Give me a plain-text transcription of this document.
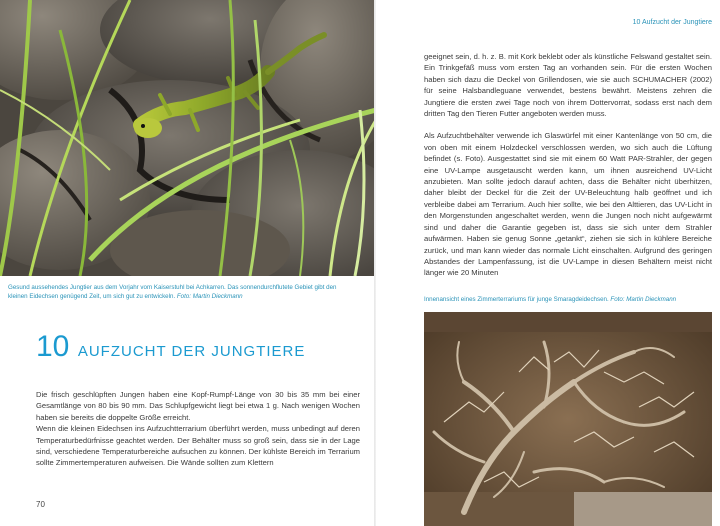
Gesund aussehendes Jungtier aus dem Vorjahr vom Kaiserstuhl bei Achkarren. Das sonnendurchflutete Gebiet gibt den kleinen Eidechsen genügend Zeit, um sich gut zu entwickeln. Foto: Martin Dieckmann
10 AUFZUCHT DER JUNGTIERE

Die frisch geschlüpften Jungen haben eine Kopf-Rumpf-Länge von 30 bis 35 mm bei einer Gesamtlänge von 80 bis 90 mm. Das Schlupfgewicht liegt bei etwa 1 g. Nach wenigen Wochen haben sie bereits die doppelte Größe erreicht.

Wenn die kleinen Eidechsen ins Aufzuchtterrarium überführt werden, muss unbedingt auf deren Temperaturbedürfnisse geachtet werden. Der Behälter muss so groß sein, dass sie in der Lage sind, verschiedene Temperaturbereiche aufsuchen zu können. Der kühlste Bereich im Terrarium sollte Zimmertemperaturen aufweisen. Die Wände sollten zum Klettern

70
10 Aufzucht der Jungtiere

geeignet sein, d. h. z. B. mit Kork beklebt oder als künstliche Felswand gestaltet sein. Ein Trinkgefäß muss vom ersten Tag an vorhanden sein. Für die ersten Wochen haben sich dazu die Deckel von Grillendosen, wie sie auch SCHUMACHER (2002) für seine Halsbandleguane verwendet, bestens bewährt. Meistens zehren die Jungtiere die ersten zwei Tage noch von ihrem Dottervorrat, sodass erst nach dem dritten Tag den Tieren Futter angeboten werden muss.

Als Aufzuchtbehälter verwende ich Glaswürfel mit einer Kantenlänge von 50 cm, die von oben mit einem Holzdeckel verschlossen werden, wo sich auch die Lüftung befindet (s. Foto). Ausgestattet sind sie mit einem 60 Watt PAR-Strahler, der gegen eine UV-Lampe ausgetauscht werden kann, um ihnen ausreichend UV-Licht anzubieten. Man sollte jedoch darauf achten, dass die Behälter nicht überhitzen, daher bleibt der Deckel für die Zeit der UV-Beleuchtung halb geöffnet und ich verbleibe dabei am Terrarium. Auch hier sollte, wie bei den Alttieren, das UV-Licht in den Morgenstunden angeschaltet werden, wenn die Jungen noch nicht aufgewärmt sind und daher die Garantie gegeben ist, dass sie sich unter dem Strahler aufwärmen. Haben sie genug Sonne „getankt“, ziehen sie sich in kühlere Bereiche zurück, und man kann wieder das normale Licht einschalten. Aufgrund des geringen Abstandes der Lampenfassung, ist die UV-Lampe in diesen Behältern meist nicht länger wie 20 Minuten

Innenansicht eines Zimmerterrariums für junge Smaragdeidechsen. Foto: Martin Dieckmann
